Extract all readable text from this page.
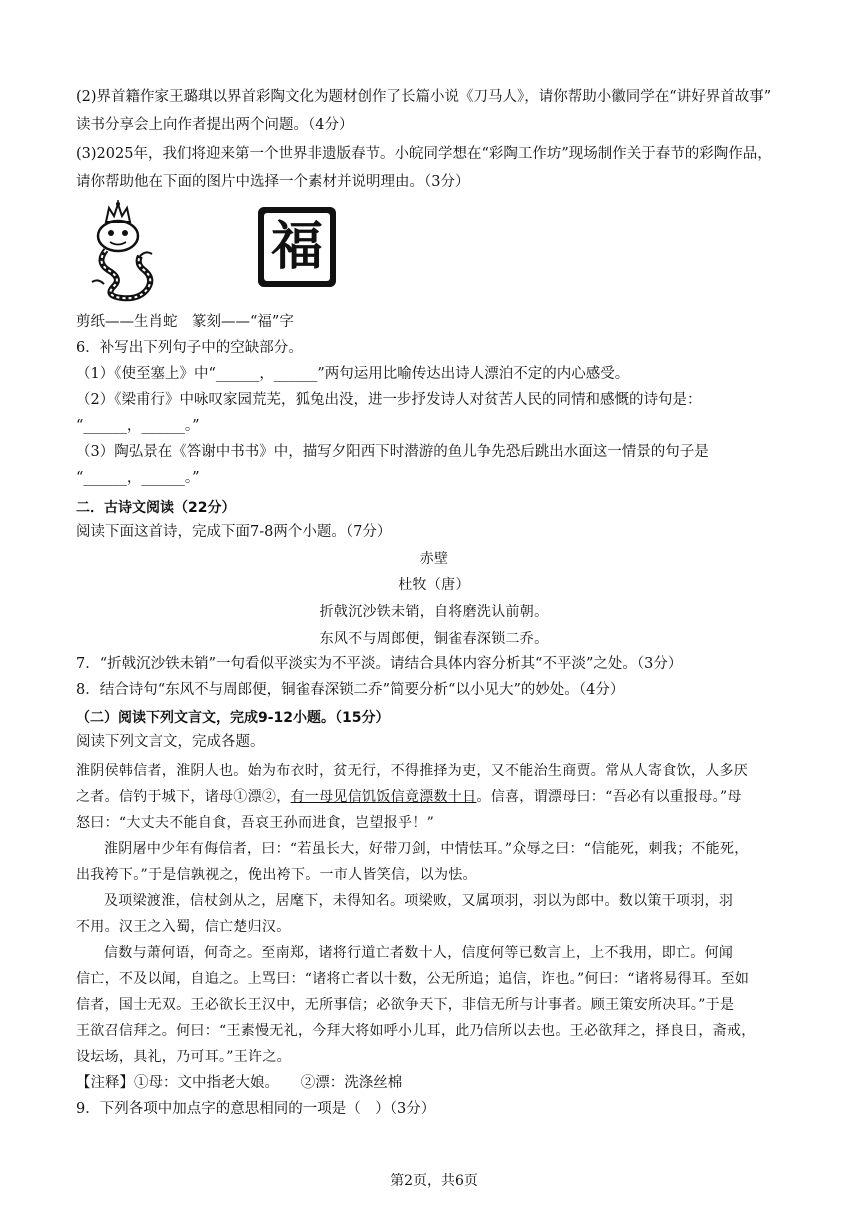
(2)界首籍作家王璐琪以界首彩陶文化为题材创作了长篇小说《刀马人》，请你帮助小徽同学在“讲好界首故事”
读书分享会上向作者提出两个问题。（4分）
(3)2025年，我们将迎来第一个世界非遗版春节。小皖同学想在“彩陶工作坊”现场制作关于春节的彩陶作品，
请你帮助他在下面的图片中选择一个素材并说明理由。（3分）
福
剪纸——生肖蛇　篆刻——“福”字
6．补写出下列句子中的空缺部分。
（1）《使至塞上》中“______，______”两句运用比喻传达出诗人漂泊不定的内心感受。
（2）《梁甫行》中咏叹家园荒芜，狐兔出没，进一步抒发诗人对贫苦人民的同情和感慨的诗句是：
“______，______。”
（3）陶弘景在《答谢中书书》中，描写夕阳西下时潜游的鱼儿争先恐后跳出水面这一情景的句子是
“______，______。”
二．古诗文阅读（22分）
阅读下面这首诗，完成下面7-8两个小题。（7分）
赤壁
杜牧（唐）
折戟沉沙铁未销，自将磨洗认前朝。
东风不与周郎便，铜雀春深锁二乔。
7．“折戟沉沙铁未销”一句看似平淡实为不平淡。请结合具体内容分析其“不平淡”之处。（3分）
8．结合诗句“东风不与周郎便，铜雀春深锁二乔”简要分析“以小见大”的妙处。（4分）
（二）阅读下列文言文，完成9-12小题。（15分）
阅读下列文言文，完成各题。
淮阴侯韩信者，淮阴人也。始为布衣时，贫无行，不得推择为吏，又不能治生商贾。常从人寄食饮，人多厌
之者。信钓于城下，诸母①漂②，有一母见信饥饭信竟漂数十日。信喜，谓漂母曰：“吾必有以重报母。”母
怒曰：“大丈夫不能自食，吾哀王孙而进食，岂望报乎！”
淮阴屠中少年有侮信者，曰：“若虽长大，好带刀剑，中情怯耳。”众辱之曰：“信能死，刺我；不能死，
出我袴下。”于是信孰视之，俛出袴下。一市人皆笑信，以为怯。
及项梁渡淮，信杖剑从之，居麾下，未得知名。项梁败，又属项羽，羽以为郎中。数以策干项羽，羽
不用。汉王之入蜀，信亡楚归汉。
信数与萧何语，何奇之。至南郑，诸将行道亡者数十人，信度何等已数言上，上不我用，即亡。何闻
信亡，不及以闻，自追之。上骂曰：“诸将亡者以十数，公无所追；追信，诈也。”何曰：“诸将易得耳。至如
信者，国士无双。王必欲长王汉中，无所事信；必欲争天下，非信无所与计事者。顾王策安所决耳。”于是
王欲召信拜之。何曰：“王素慢无礼，今拜大将如呼小儿耳，此乃信所以去也。王必欲拜之，择良日，斋戒，
设坛场，具礼，乃可耳。”王许之。
【注释】①母：文中指老大娘。　　②漂：洗涤丝棉
9．下列各项中加点字的意思相同的一项是（　）（3分）
第2页，共6页
